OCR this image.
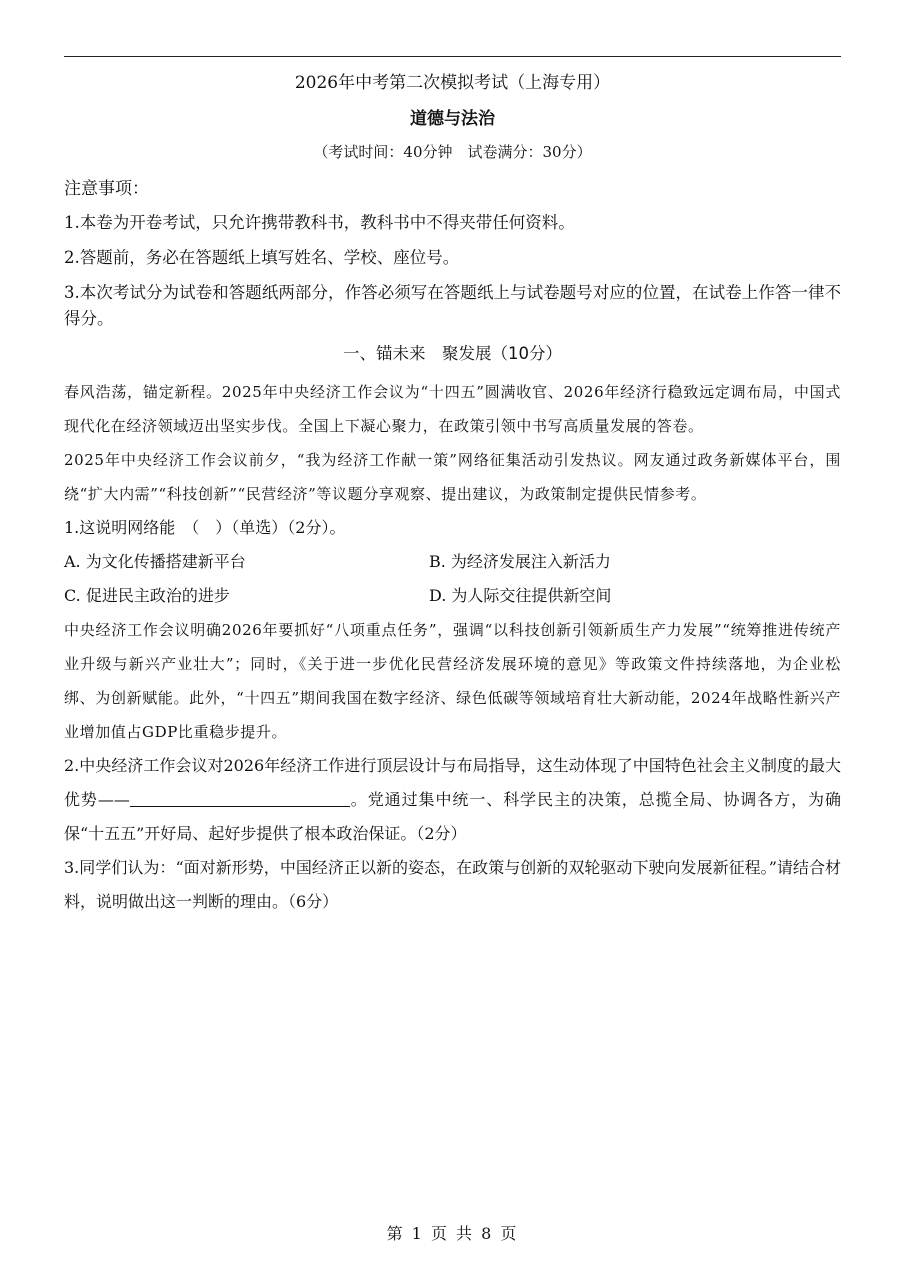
2026年中考第二次模拟考试（上海专用）
道德与法治
（考试时间：40分钟　试卷满分：30分）
注意事项：

1.本卷为开卷考试，只允许携带教科书，教科书中不得夹带任何资料。

2.答题前，务必在答题纸上填写姓名、学校、座位号。

3.本次考试分为试卷和答题纸两部分，作答必须写在答题纸上与试卷题号对应的位置，在试卷上作答一律不得分。

一、锚未来　聚发展（10分）

春风浩荡，锚定新程。2025年中央经济工作会议为“十四五”圆满收官、2026年经济行稳致远定调布局，中国式现代化在经济领域迈出坚实步伐。全国上下凝心聚力，在政策引领中书写高质量发展的答卷。

2025年中央经济工作会议前夕，“我为经济工作献一策”网络征集活动引发热议。网友通过政务新媒体平台，围绕“扩大内需”“科技创新”“民营经济”等议题分享观察、提出建议，为政策制定提供民情参考。

1.这说明网络能　（　）（单选）（2分）。

A. 为文化传播搭建新平台	B. 为经济发展注入新活力
C. 促进民主政治的进步	D. 为人际交往提供新空间

中央经济工作会议明确2026年要抓好“八项重点任务”，强调“以科技创新引领新质生产力发展”“统筹推进传统产业升级与新兴产业壮大”；同时，《关于进一步优化民营经济发展环境的意见》等政策文件持续落地，为企业松绑、为创新赋能。此外，“十四五”期间我国在数字经济、绿色低碳等领域培育壮大新动能，2024年战略性新兴产业增加值占GDP比重稳步提升。

2.中央经济工作会议对2026年经济工作进行顶层设计与布局指导，这生动体现了中国特色社会主义制度的最大优势——	。党通过集中统一、科学民主的决策，总揽全局、协调各方，为确保“十五五”开好局、起好步提供了根本政治保证。（2分）

3.同学们认为：“面对新形势，中国经济正以新的姿态，在政策与创新的双轮驱动下驶向发展新征程。”请结合材料，说明做出这一判断的理由。（6分）

第 1 页 共 8 页
